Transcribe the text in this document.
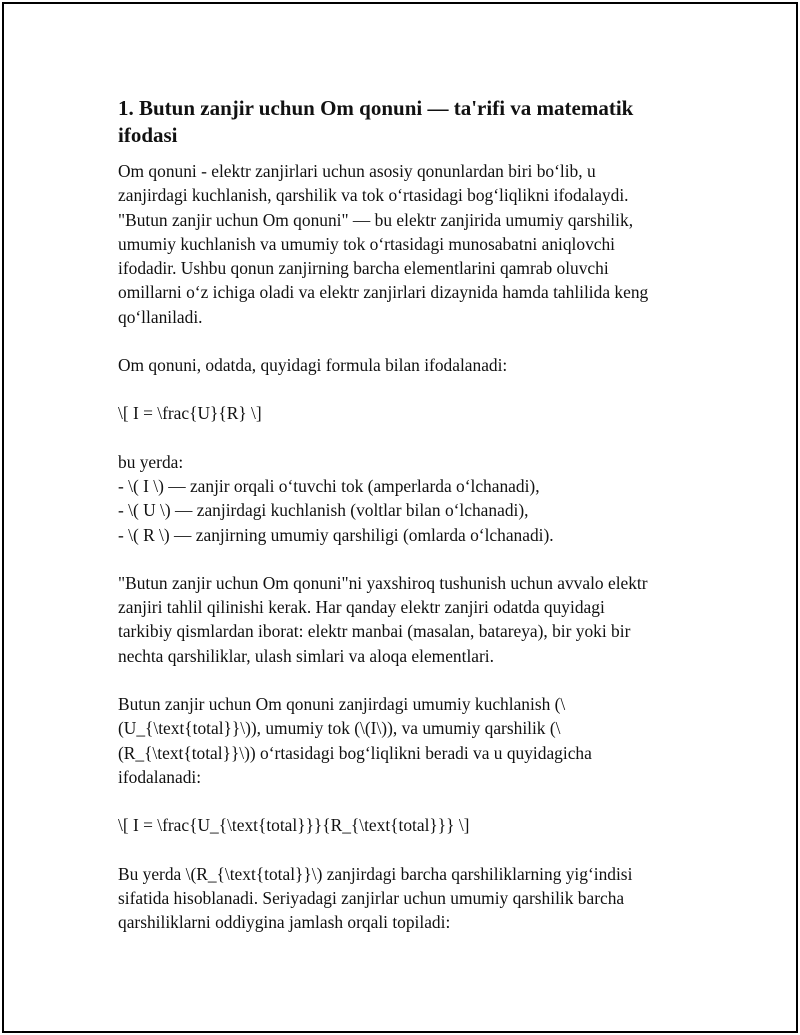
1. Butun zanjir uchun Om qonuni — ta'rifi va matematik ifodasi
Om qonuni - elektr zanjirlari uchun asosiy qonunlardan biri bo‘lib, u
zanjirdagi kuchlanish, qarshilik va tok o‘rtasidagi bog‘liqlikni ifodalaydi.
"Butun zanjir uchun Om qonuni" — bu elektr zanjirida umumiy qarshilik,
umumiy kuchlanish va umumiy tok o‘rtasidagi munosabatni aniqlovchi
ifodadir. Ushbu qonun zanjirning barcha elementlarini qamrab oluvchi
omillarni o‘z ichiga oladi va elektr zanjirlari dizaynida hamda tahlilida keng
qo‘llaniladi.
Om qonuni, odatda, quyidagi formula bilan ifodalanadi:
\[ I = \frac{U}{R} \]
bu yerda:
- \( I \) — zanjir orqali o‘tuvchi tok (amperlarda o‘lchanadi),
- \( U \) — zanjirdagi kuchlanish (voltlar bilan o‘lchanadi),
- \( R \) — zanjirning umumiy qarshiligi (omlarda o‘lchanadi).
"Butun zanjir uchun Om qonuni"ni yaxshiroq tushunish uchun avvalo elektr
zanjiri tahlil qilinishi kerak. Har qanday elektr zanjiri odatda quyidagi
tarkibiy qismlardan iborat: elektr manbai (masalan, batareya), bir yoki bir
nechta qarshiliklar, ulash simlari va aloqa elementlari.
Butun zanjir uchun Om qonuni zanjirdagi umumiy kuchlanish (\
(U_{\text{total}}\)), umumiy tok (\(I\)), va umumiy qarshilik (\
(R_{\text{total}}\)) o‘rtasidagi bog‘liqlikni beradi va u quyidagicha
ifodalanadi:
\[ I = \frac{U_{\text{total}}}{R_{\text{total}}} \]
Bu yerda \(R_{\text{total}}\) zanjirdagi barcha qarshiliklarning yig‘indisi
sifatida hisoblanadi. Seriyadagi zanjirlar uchun umumiy qarshilik barcha
qarshiliklarni oddiygina jamlash orqali topiladi:
